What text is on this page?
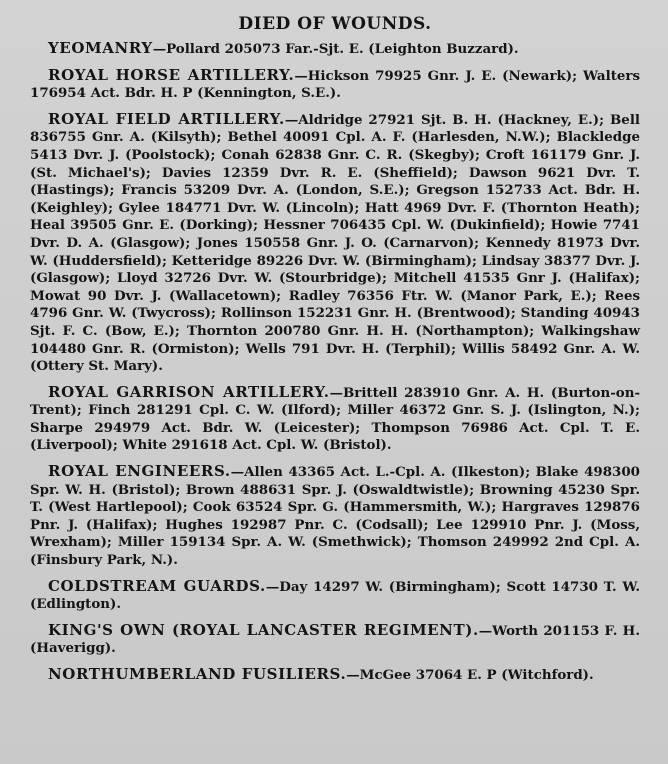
DIED OF WOUNDS.

YEOMANRY—Pollard 205073 Far.-Sjt. E. (Leighton Buzzard).

ROYAL HORSE ARTILLERY.—Hickson 79925 Gnr. J. E. (Newark); Walters 176954 Act. Bdr. H. P (Kennington, S.E.).

ROYAL FIELD ARTILLERY.—Aldridge 27921 Sjt. B. H. (Hackney, E.); Bell 836755 Gnr. A. (Kilsyth); Bethel 40091 Cpl. A. F. (Harlesden, N.W.); Blackledge 5413 Dvr. J. (Poolstock); Conah 62838 Gnr. C. R. (Skegby); Croft 161179 Gnr. J. (St. Michael's); Davies 12359 Dvr. R. E. (Sheffield); Dawson 9621 Dvr. T. (Hastings); Francis 53209 Dvr. A. (London, S.E.); Gregson 152733 Act. Bdr. H. (Keighley); Gylee 184771 Dvr. W. (Lincoln); Hatt 4969 Dvr. F. (Thornton Heath); Heal 39505 Gnr. E. (Dorking); Hessner 706435 Cpl. W. (Dukinfield); Howie 7741 Dvr. D. A. (Glasgow); Jones 150558 Gnr. J. O. (Carnarvon); Kennedy 81973 Dvr. W. (Huddersfield); Ketteridge 89226 Dvr. W. (Birmingham); Lindsay 38377 Dvr. J. (Glasgow); Lloyd 32726 Dvr. W. (Stourbridge); Mitchell 41535 Gnr J. (Halifax); Mowat 90 Dvr. J. (Wallacetown); Radley 76356 Ftr. W. (Manor Park, E.); Rees 4796 Gnr. W. (Twycross); Rollinson 152231 Gnr. H. (Brentwood); Standing 40943 Sjt. F. C. (Bow, E.); Thornton 200780 Gnr. H. H. (Northampton); Walkingshaw 104480 Gnr. R. (Ormiston); Wells 791 Dvr. H. (Terphil); Willis 58492 Gnr. A. W. (Ottery St. Mary).

ROYAL GARRISON ARTILLERY.—Brittell 283910 Gnr. A. H. (Burton-on-Trent); Finch 281291 Cpl. C. W. (Ilford); Miller 46372 Gnr. S. J. (Islington, N.); Sharpe 294979 Act. Bdr. W. (Leicester); Thompson 76986 Act. Cpl. T. E. (Liverpool); White 291618 Act. Cpl. W. (Bristol).

ROYAL ENGINEERS.—Allen 43365 Act. L.-Cpl. A. (Ilkeston); Blake 498300 Spr. W. H. (Bristol); Brown 488631 Spr. J. (Oswaldtwistle); Browning 45230 Spr. T. (West Hartlepool); Cook 63524 Spr. G. (Hammersmith, W.); Hargraves 129876 Pnr. J. (Halifax); Hughes 192987 Pnr. C. (Codsall); Lee 129910 Pnr. J. (Moss, Wrexham); Miller 159134 Spr. A. W. (Smethwick); Thomson 249992 2nd Cpl. A. (Finsbury Park, N.).

COLDSTREAM GUARDS.—Day 14297 W. (Birmingham); Scott 14730 T. W. (Edlington).

KING'S OWN (ROYAL LANCASTER REGIMENT).—Worth 201153 F. H. (Haverigg).

NORTHUMBERLAND FUSILIERS.—McGee 37064 E. P (Witchford).
